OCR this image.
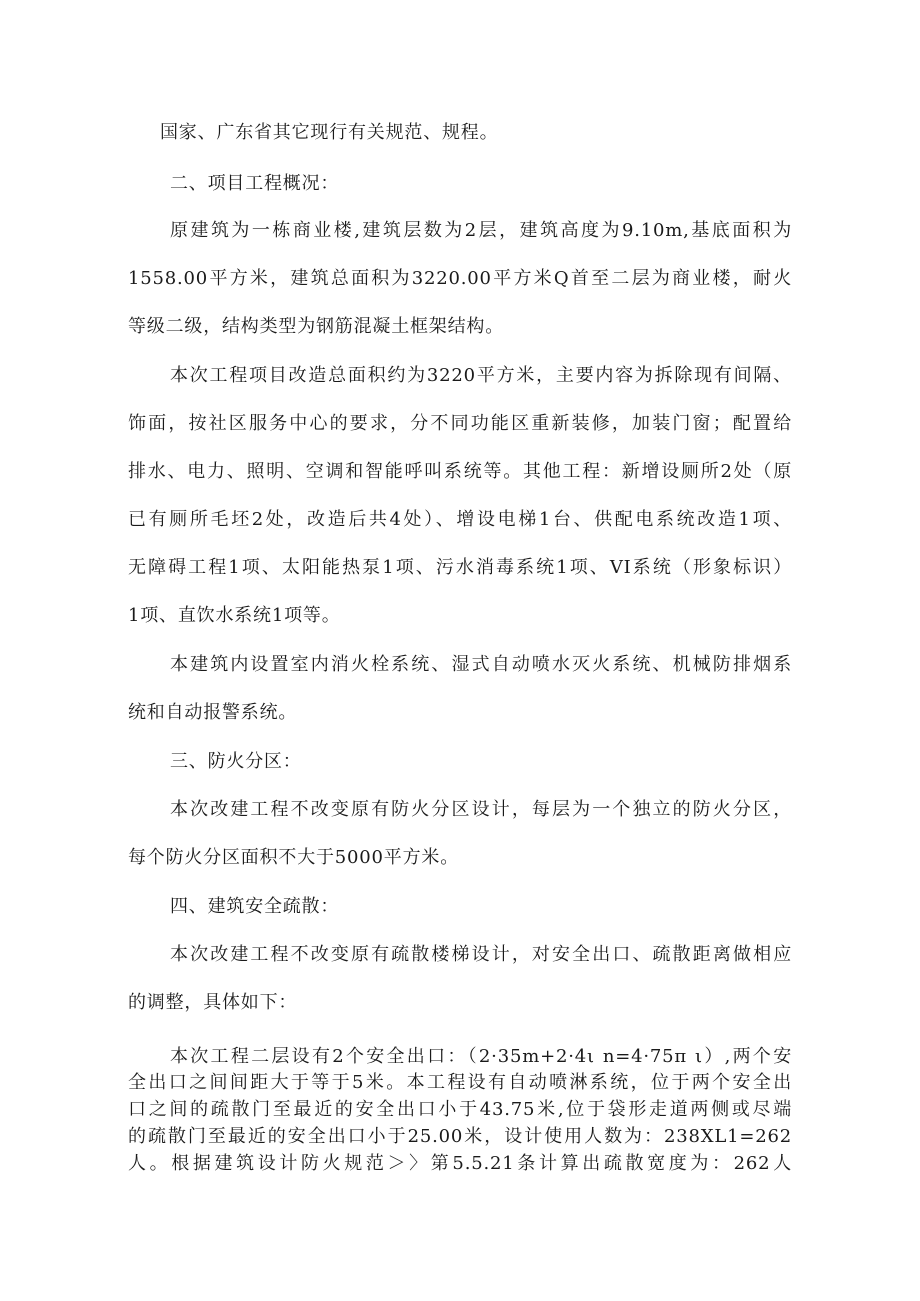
国家、广东省其它现行有关规范、规程。
二、项目工程概况：
原建筑为一栋商业楼,建筑层数为2层，建筑高度为9.10m,基底面积为
1558.00平方米，建筑总面积为3220.00平方米Q首至二层为商业楼，耐火
等级二级，结构类型为钢筋混凝土框架结构。
本次工程项目改造总面积约为3220平方米，主要内容为拆除现有间隔、
饰面，按社区服务中心的要求，分不同功能区重新装修，加装门窗；配置给
排水、电力、照明、空调和智能呼叫系统等。其他工程：新增设厕所2处（原
已有厕所毛坯2处，改造后共4处）、增设电梯1台、供配电系统改造1项、
无障碍工程1项、太阳能热泵1项、污水消毒系统1项、VI系统（形象标识）
1项、直饮水系统1项等。
本建筑内设置室内消火栓系统、湿式自动喷水灭火系统、机械防排烟系
统和自动报警系统。
三、防火分区：
本次改建工程不改变原有防火分区设计，每层为一个独立的防火分区，
每个防火分区面积不大于5000平方米。
四、建筑安全疏散：
本次改建工程不改变原有疏散楼梯设计，对安全出口、疏散距离做相应
的调整，具体如下：
本次工程二层设有2个安全出口：（2·35m+2·4ι n=4·75π ι）,两个安
全出口之间间距大于等于5米。本工程设有自动喷淋系统，位于两个安全出
口之间的疏散门至最近的安全出口小于43.75米,位于袋形走道两侧或尽端
的疏散门至最近的安全出口小于25.00米，设计使用人数为：238XL1=262
人。根据建筑设计防火规范＞〉第5.5.21条计算出疏散宽度为：262人
